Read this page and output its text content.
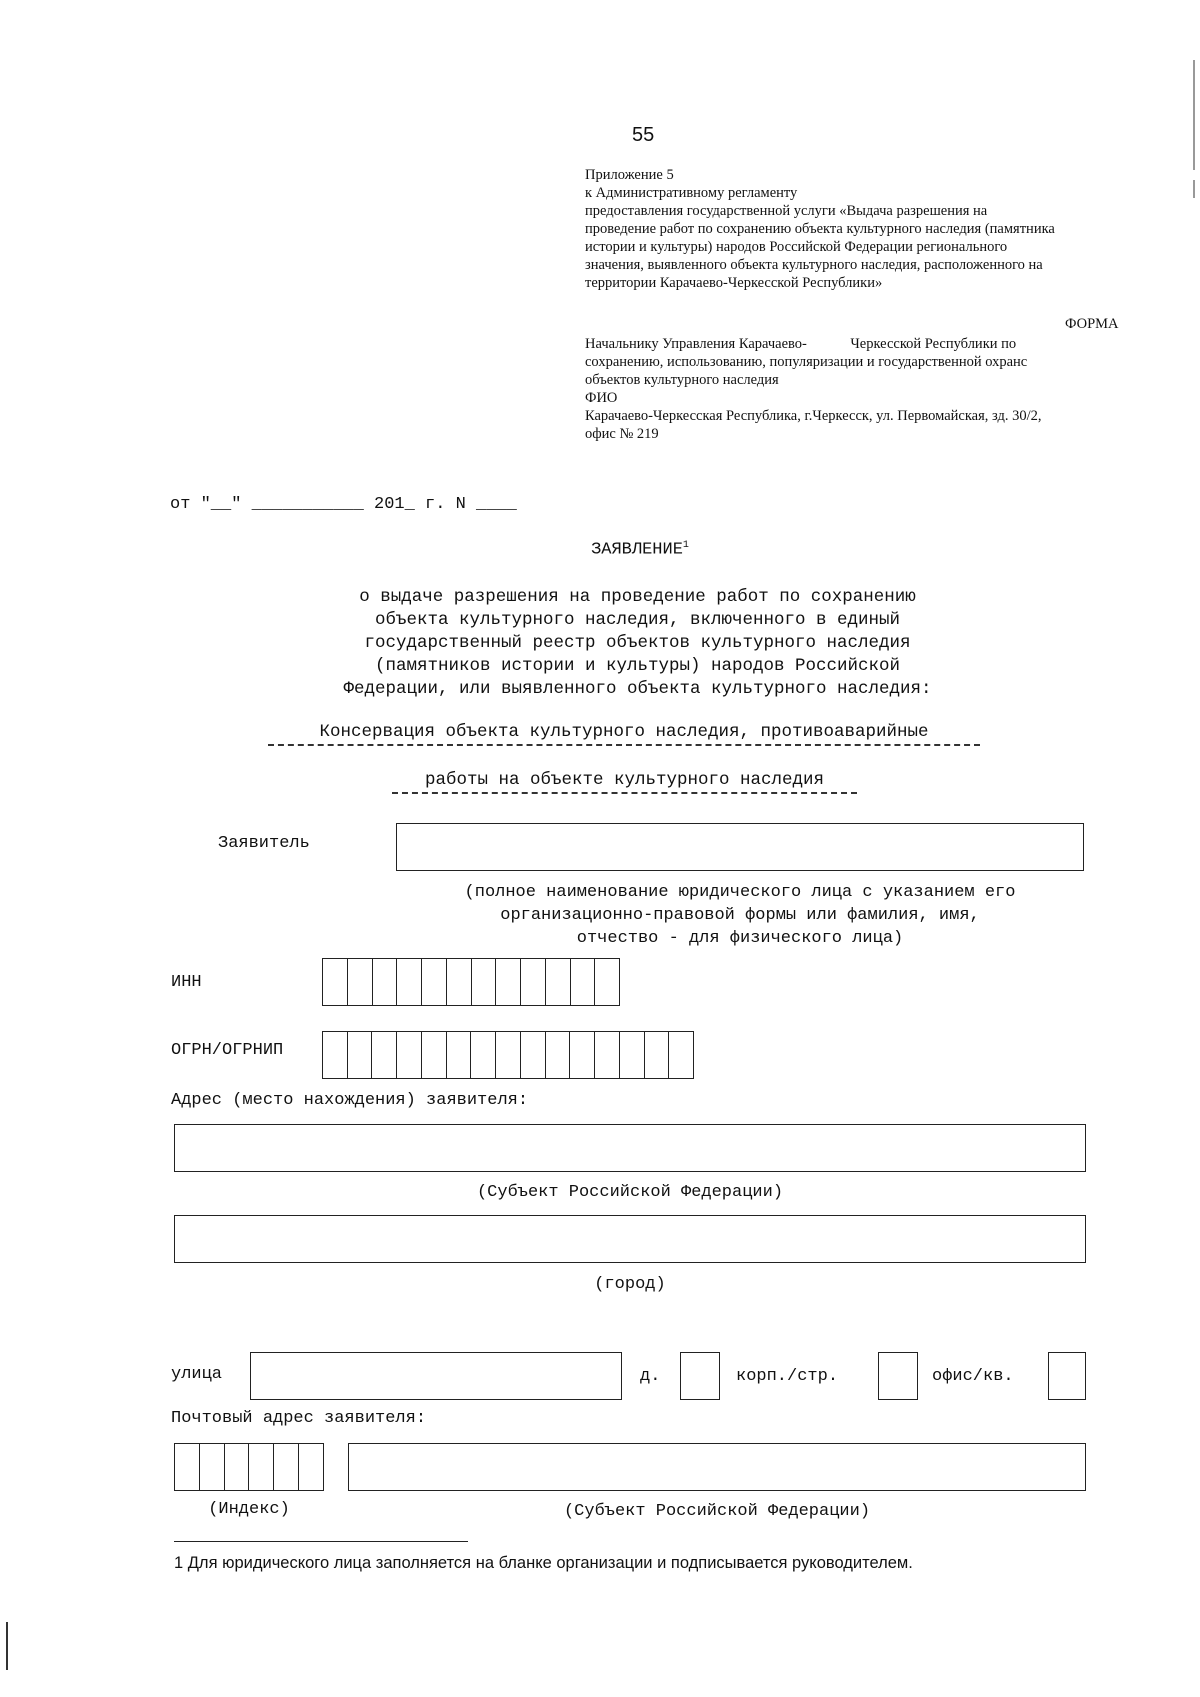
55
Приложение 5
к Административному регламенту
предоставления государственной услуги «Выдача разрешения на
проведение работ по сохранению объекта культурного наследия (памятника
истории и культуры) народов Российской Федерации регионального
значения, выявленного объекта культурного наследия, расположенного на
территории Карачаево-Черкесской Республики»
ФОРМА
Начальнику Управления Карачаево-            Черкесской Республики по
сохранению, использованию, популяризации и государственной охранс
объектов культурного наследия
ФИО
Карачаево-Черкесская Республика, г.Черкесск, ул. Первомайская, зд. 30/2,
офис № 219
от "__" ___________ 201_ г. N ____
ЗАЯВЛЕНИЕ$^1$
о выдаче разрешения на проведение работ по сохранению
объекта культурного наследия, включенного в единый
государственный реестр объектов культурного наследия
(памятников истории и культуры) народов Российской
Федерации, или выявленного объекта культурного наследия:
Консервация объекта культурного наследия, противоаварийные
работы на объекте культурного наследия
Заявитель
(полное наименование юридического лица с указанием его
организационно-правовой формы или фамилия, имя,
отчество - для физического лица)
ИНН
ОГРН/ОГРНИП
Адрес (место нахождения) заявителя:
(Субъект Российской Федерации)
(город)
улица	д.	корп./стр.	офис/кв.
Почтовый адрес заявителя:
(Индекс)	(Субъект Российской Федерации)
1 Для юридического лица заполняется на бланке организации и подписывается руководителем.
